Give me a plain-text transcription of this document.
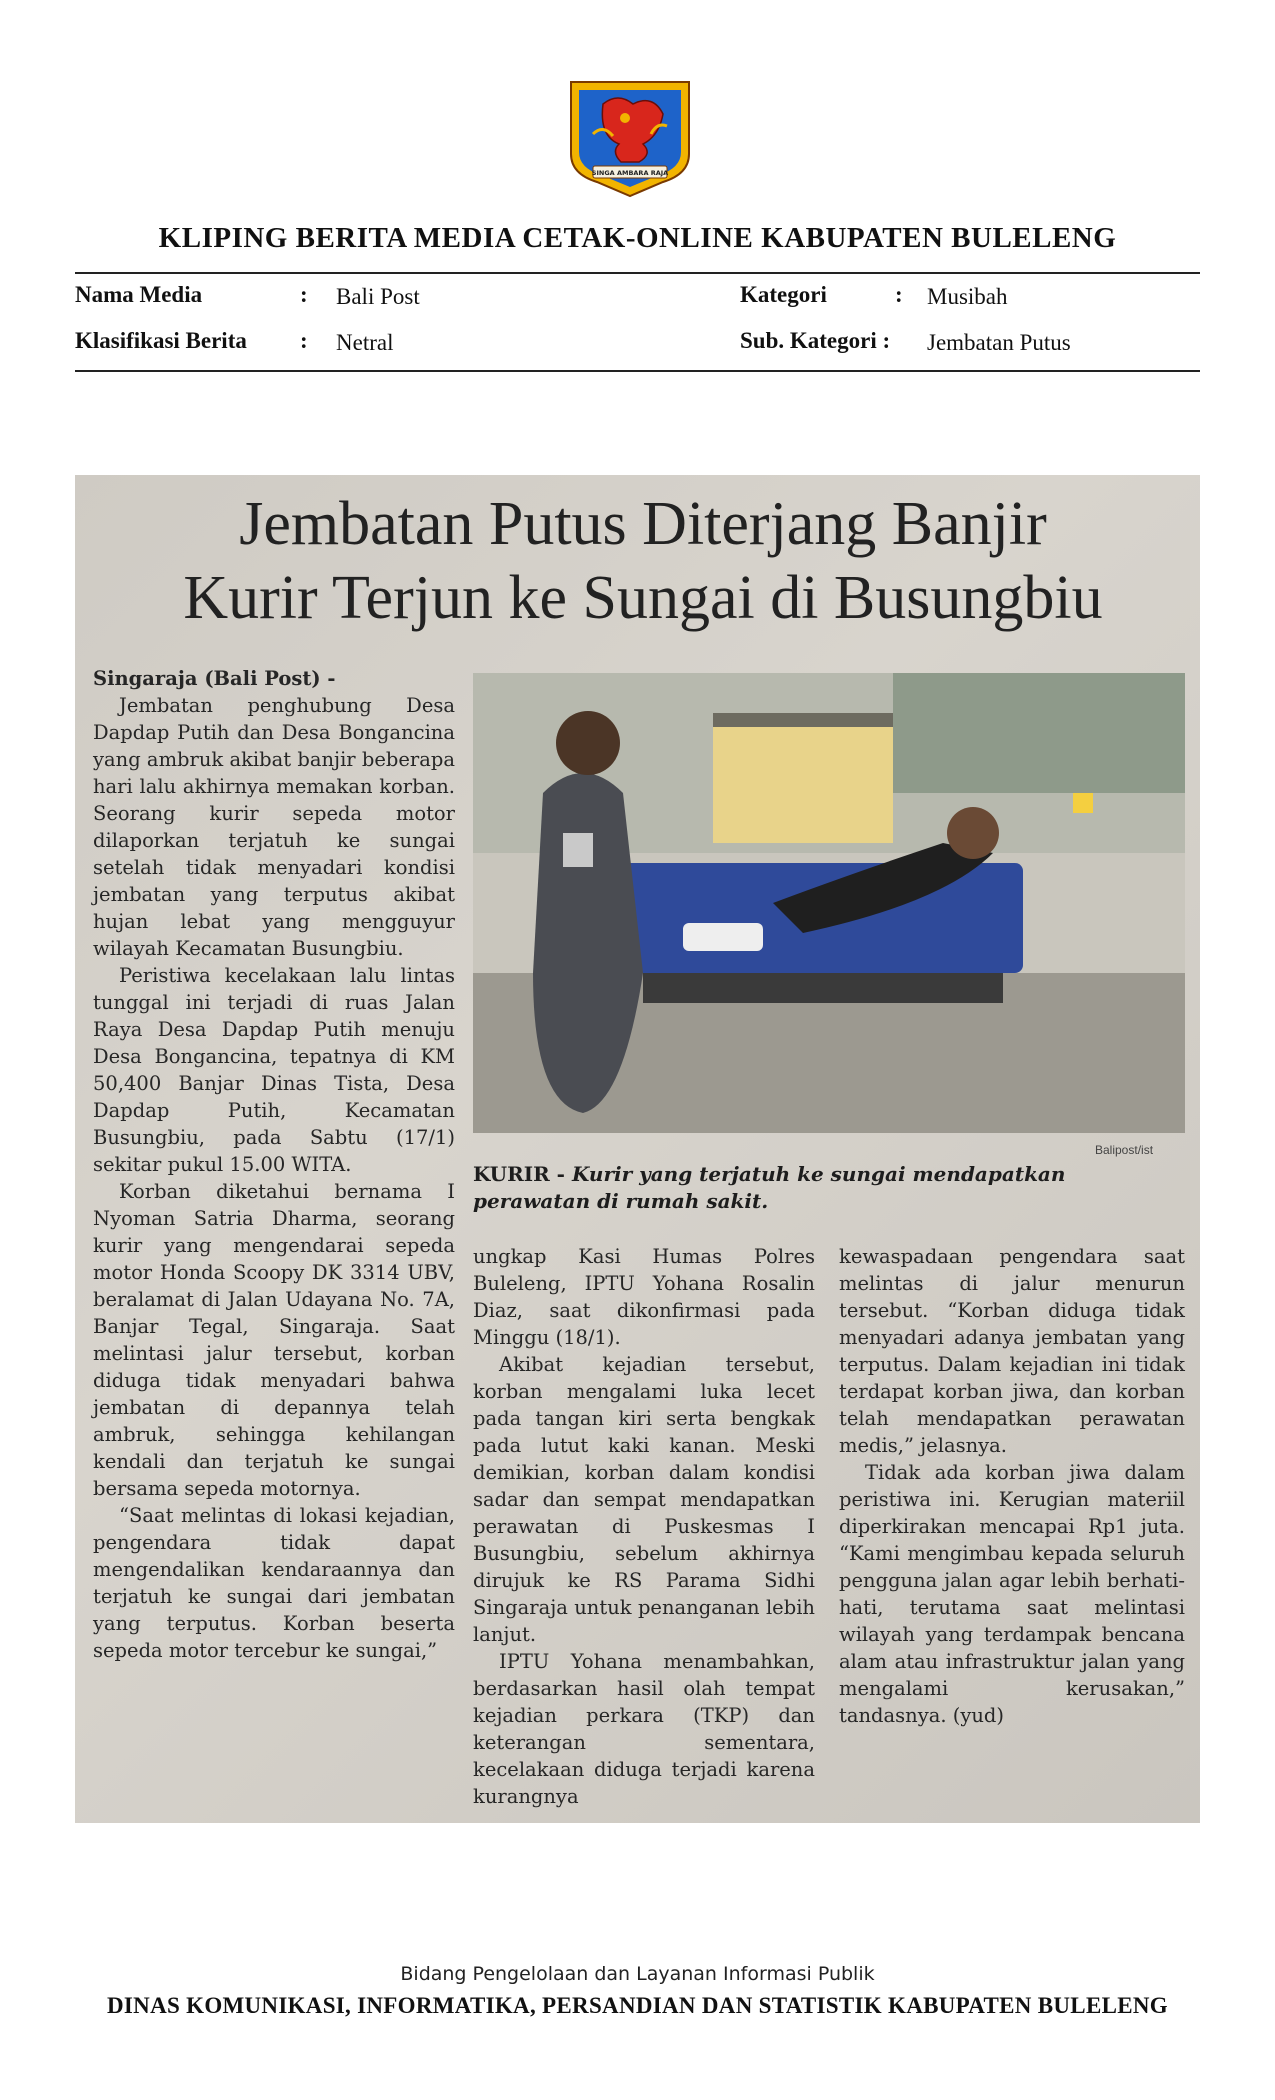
SINGA AMBARA RAJA
KLIPING BERITA MEDIA CETAK-ONLINE KABUPATEN BULELENG
Nama Media	: Bali Post
Klasifikasi Berita : Netral
Kategori	: Musibah
Sub. Kategori : Jembatan Putus
Jembatan Putus Diterjang Banjir
Kurir Terjun ke Sungai di Busungbiu

Singaraja (Bali Post) -

Jembatan penghubung Desa Dapdap Putih dan Desa Bongancina yang ambruk akibat banjir beberapa hari lalu akhirnya memakan korban. Seorang kurir sepeda motor dilaporkan terjatuh ke sungai setelah tidak menyadari kondisi jembatan yang terputus akibat hujan lebat yang mengguyur wilayah Kecamatan Busungbiu.

Peristiwa kecelakaan lalu lintas tunggal ini terjadi di ruas Jalan Raya Desa Dapdap Putih menuju Desa Bongancina, tepatnya di KM 50,400 Banjar Dinas Tista, Desa Dapdap Putih, Kecamatan Busungbiu, pada Sabtu (17/1) sekitar pukul 15.00 WITA.

Korban diketahui bernama I Nyoman Satria Dharma, seorang kurir yang mengendarai sepeda motor Honda Scoopy DK 3314 UBV, beralamat di Jalan Udayana No. 7A, Banjar Tegal, Singaraja. Saat melintasi jalur tersebut, korban diduga tidak menyadari bahwa jembatan di depannya telah ambruk, sehingga kehilangan kendali dan terjatuh ke sungai bersama sepeda motornya.

“Saat melintas di lokasi kejadian, pengendara tidak dapat mengendalikan kendaraannya dan terjatuh ke sungai dari jembatan yang terputus. Korban beserta sepeda motor tercebur ke sungai,”

Balipost/ist
KURIR - Kurir yang terjatuh ke sungai mendapatkan perawatan di rumah sakit.

ungkap Kasi Humas Polres Buleleng, IPTU Yohana Rosalin Diaz, saat dikonfirmasi pada Minggu (18/1).

Akibat kejadian tersebut, korban mengalami luka lecet pada tangan kiri serta bengkak pada lutut kaki kanan. Meski demikian, korban dalam kondisi sadar dan sempat mendapatkan perawatan di Puskesmas I Busungbiu, sebelum akhirnya dirujuk ke RS Parama Sidhi Singaraja untuk penanganan lebih lanjut.

IPTU Yohana menambahkan, berdasarkan hasil olah tempat kejadian perkara (TKP) dan keterangan sementara, kecelakaan diduga terjadi karena kurangnya

kewaspadaan pengendara saat melintas di jalur menurun tersebut. “Korban diduga tidak menyadari adanya jembatan yang terputus. Dalam kejadian ini tidak terdapat korban jiwa, dan korban telah mendapatkan perawatan medis,” jelasnya.

Tidak ada korban jiwa dalam peristiwa ini. Kerugian materiil diperkirakan mencapai Rp1 juta. “Kami mengimbau kepada seluruh pengguna jalan agar lebih berhati-hati, terutama saat melintasi wilayah yang terdampak bencana alam atau infrastruktur jalan yang mengalami kerusakan,” tandasnya. (yud)

Bidang Pengelolaan dan Layanan Informasi Publik
DINAS KOMUNIKASI, INFORMATIKA, PERSANDIAN DAN STATISTIK KABUPATEN BULELENG
